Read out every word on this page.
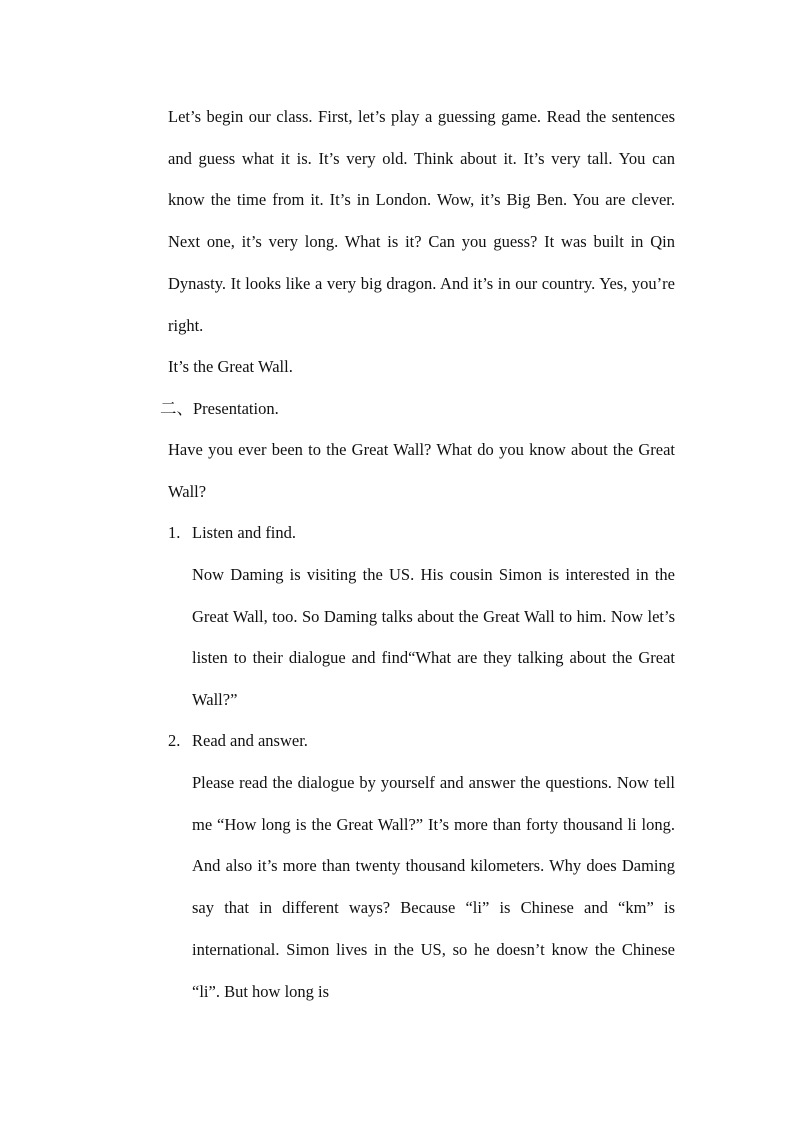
Let’s begin our class. First, let’s play a guessing game. Read the sentences and guess what it is. It’s very old. Think about it. It’s very tall. You can know the time from it. It’s in London. Wow, it’s Big Ben. You are clever. Next one, it’s very long. What is it? Can you guess? It was built in Qin Dynasty. It looks like a very big dragon. And it’s in our country. Yes, you’re right.
It’s the Great Wall.
二、Presentation.
Have you ever been to the Great Wall? What do you know about the Great Wall?
1. Listen and find.
Now Daming is visiting the US. His cousin Simon is interested in the Great Wall, too. So Daming talks about the Great Wall to him. Now let’s listen to their dialogue and find“What are they talking about the Great Wall?”
2. Read and answer.
Please read the dialogue by yourself and answer the questions. Now tell me “How long is the Great Wall?” It’s more than forty thousand li long. And also it’s more than twenty thousand kilometers. Why does Daming say that in different ways? Because “li” is Chinese and “km” is international. Simon lives in the US, so he doesn’t know the Chinese “li”. But how long is
